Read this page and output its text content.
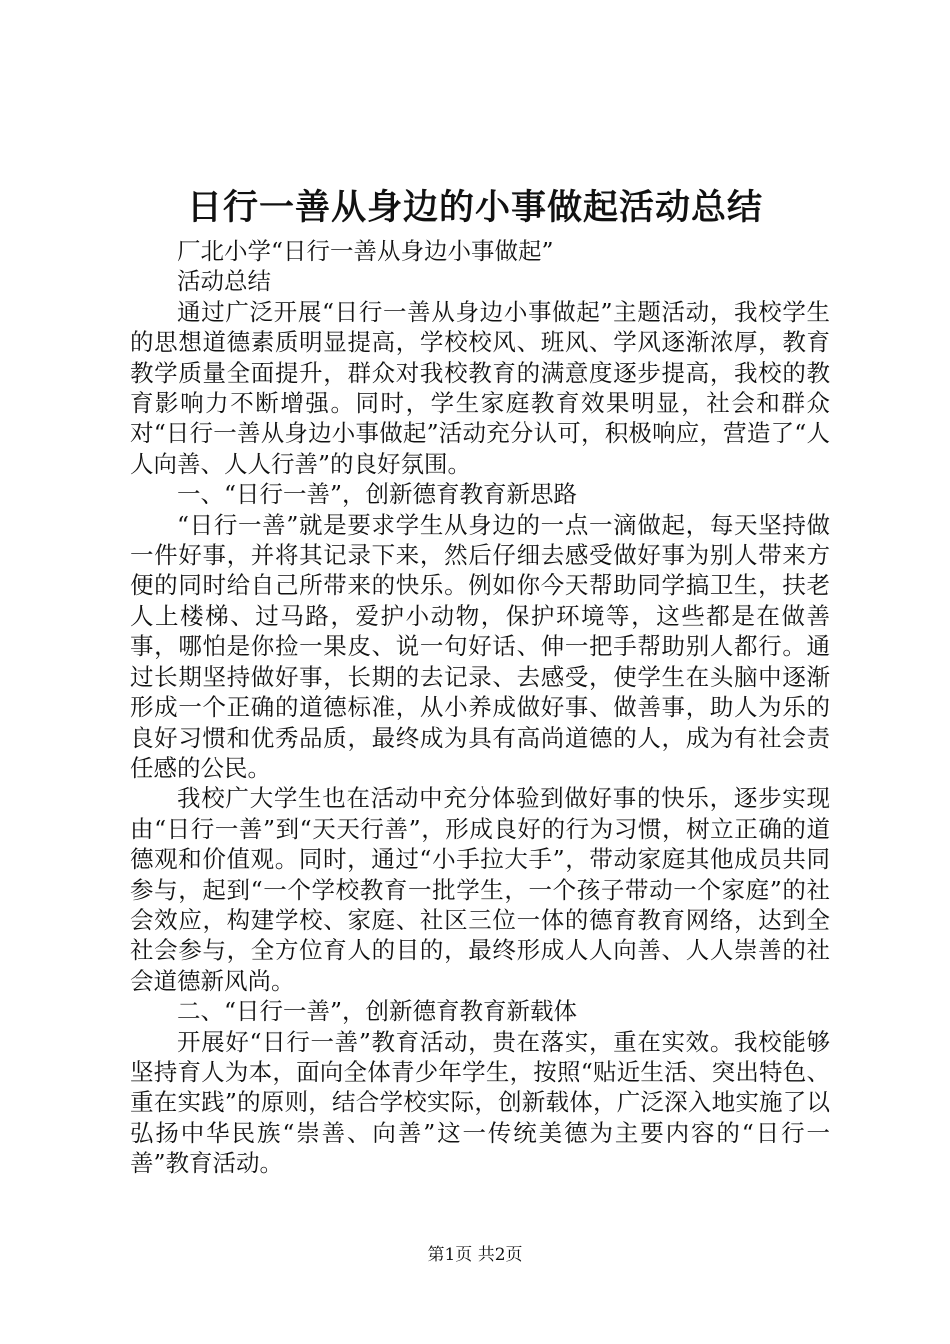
日行一善从身边的小事做起活动总结

厂北小学“日行一善从身边小事做起”

活动总结

通过广泛开展“日行一善从身边小事做起”主题活动，我校学生的思想道德素质明显提高，学校校风、班风、学风逐渐浓厚，教育教学质量全面提升，群众对我校教育的满意度逐步提高，我校的教育影响力不断增强。同时，学生家庭教育效果明显，社会和群众对“日行一善从身边小事做起”活动充分认可，积极响应，营造了“人人向善、人人行善”的良好氛围。

一、“日行一善”，创新德育教育新思路

“日行一善”就是要求学生从身边的一点一滴做起，每天坚持做一件好事，并将其记录下来，然后仔细去感受做好事为别人带来方便的同时给自己所带来的快乐。例如你今天帮助同学搞卫生，扶老人上楼梯、过马路，爱护小动物，保护环境等，这些都是在做善事，哪怕是你捡一果皮、说一句好话、伸一把手帮助别人都行。通过长期坚持做好事，长期的去记录、去感受，使学生在头脑中逐渐形成一个正确的道德标准，从小养成做好事、做善事，助人为乐的良好习惯和优秀品质，最终成为具有高尚道德的人，成为有社会责任感的公民。

我校广大学生也在活动中充分体验到做好事的快乐，逐步实现由“日行一善”到“天天行善”，形成良好的行为习惯，树立正确的道德观和价值观。同时，通过“小手拉大手”，带动家庭其他成员共同参与，起到“一个学校教育一批学生，一个孩子带动一个家庭”的社会效应，构建学校、家庭、社区三位一体的德育教育网络，达到全社会参与，全方位育人的目的，最终形成人人向善、人人崇善的社会道德新风尚。

二、“日行一善”，创新德育教育新载体

开展好“日行一善”教育活动，贵在落实，重在实效。我校能够坚持育人为本，面向全体青少年学生，按照“贴近生活、突出特色、重在实践”的原则，结合学校实际，创新载体，广泛深入地实施了以弘扬中华民族“崇善、向善”这一传统美德为主要内容的“日行一善”教育活动。

第1页 共2页
